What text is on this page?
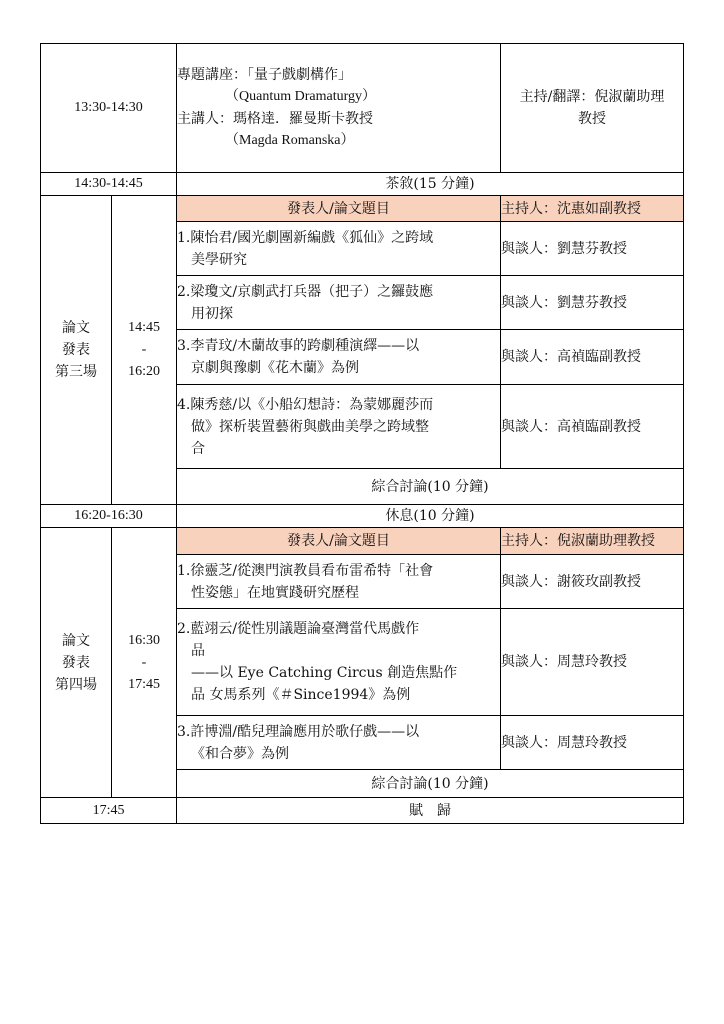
13:30-14:30		專題講座：「量子戲劇構作」
（Quantum Dramaturgy）
主講人：瑪格達．羅曼斯卡教授
（Magda Romanska）	主持/翻譯：倪淑蘭助理
教授

14:30-14:45		茶敘(15 分鐘)	

論文
發表
第三場	14:45
-
16:20	發表人/論文題目	主持人：沈惠如副教授

		1.陳怡君/國光劇團新編戲《狐仙》之跨域
美學研究	與談人：劉慧芬教授

		2.梁瓊文/京劇武打兵器（把子）之鑼鼓應
用初探	與談人：劉慧芬教授

		3.李青玟/木蘭故事的跨劇種演繹——以
京劇與豫劇《花木蘭》為例	與談人：高禎臨副教授

		4.陳秀慈/以《小船幻想詩：為蒙娜麗莎而
做》探析裝置藝術與戲曲美學之跨域整
合	與談人：高禎臨副教授
		綜合討論(10 分鐘)	
16:20-16:30		休息(10 分鐘)	

論文
發表
第四場	16:30
-
17:45	發表人/論文題目	主持人：倪淑蘭助理教授

		1.徐靈芝/從澳門演教員看布雷希特「社會
性姿態」在地實踐研究歷程	與談人：謝筱玫副教授

		2.藍翊云/從性別議題論臺灣當代馬戲作
品
——以 Eye Catching Circus 創造焦點作
品 女馬系列《＃Since1994》為例	與談人：周慧玲教授

		3.許博淵/酷兒理論應用於歌仔戲——以
《和合夢》為例	與談人：周慧玲教授
		綜合討論(10 分鐘)	
17:45		賦　歸	
